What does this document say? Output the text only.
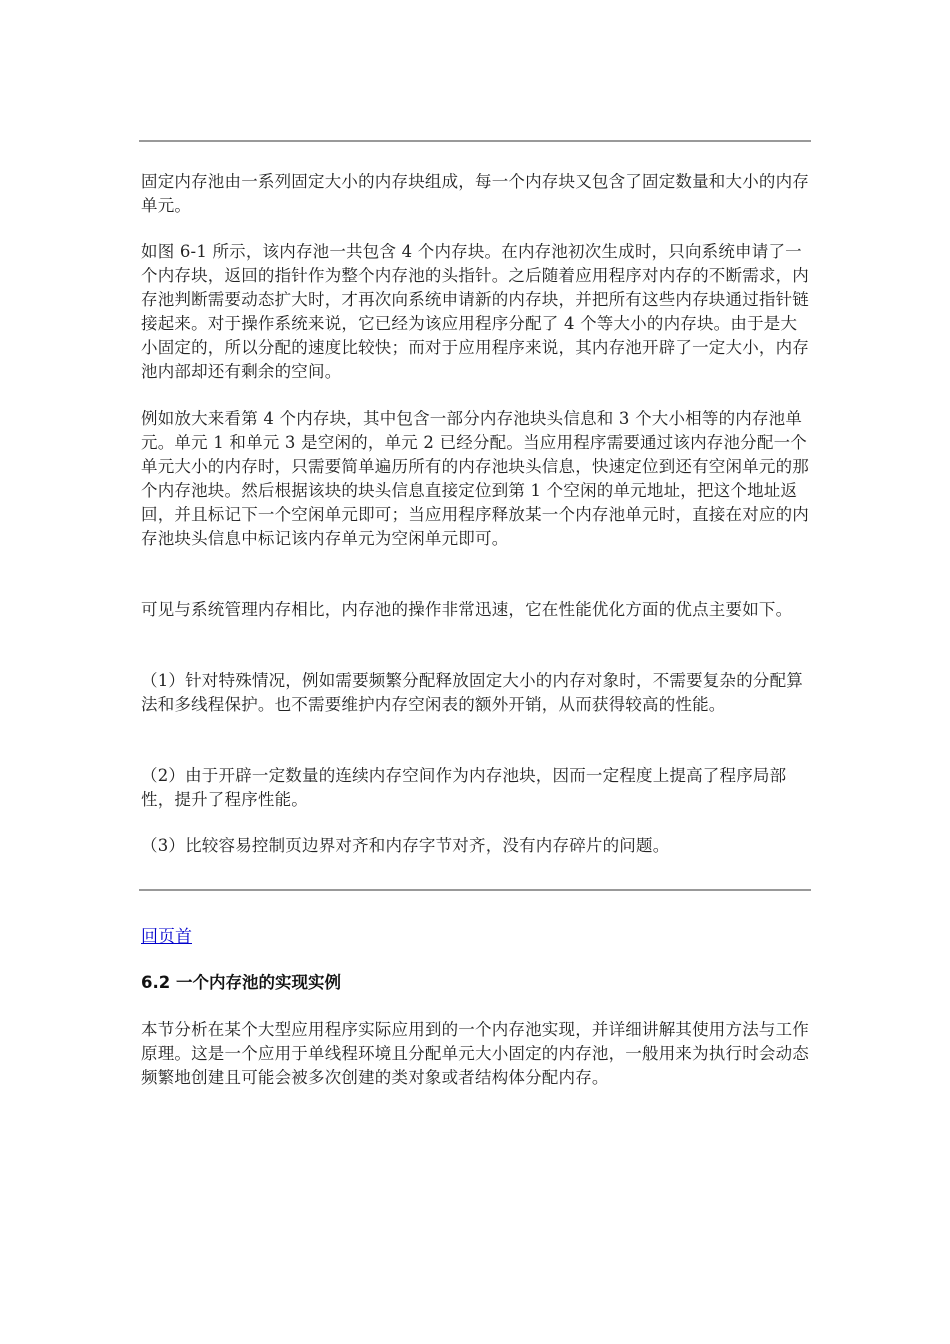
固定内存池由一系列固定大小的内存块组成，每一个内存块又包含了固定数量和大小的内存单元。

如图 6-1 所示，该内存池一共包含 4 个内存块。在内存池初次生成时，只向系统申请了一个内存块，返回的指针作为整个内存池的头指针。之后随着应用程序对内存的不断需求，内存池判断需要动态扩大时，才再次向系统申请新的内存块，并把所有这些内存块通过指针链接起来。对于操作系统来说，它已经为该应用程序分配了 4 个等大小的内存块。由于是大小固定的，所以分配的速度比较快；而对于应用程序来说，其内存池开辟了一定大小，内存池内部却还有剩余的空间。

例如放大来看第 4 个内存块，其中包含一部分内存池块头信息和 3 个大小相等的内存池单元。单元 1 和单元 3 是空闲的，单元 2 已经分配。当应用程序需要通过该内存池分配一个单元大小的内存时，只需要简单遍历所有的内存池块头信息，快速定位到还有空闲单元的那个内存池块。然后根据该块的块头信息直接定位到第 1 个空闲的单元地址，把这个地址返回，并且标记下一个空闲单元即可；当应用程序释放某一个内存池单元时，直接在对应的内存池块头信息中标记该内存单元为空闲单元即可。

可见与系统管理内存相比，内存池的操作非常迅速，它在性能优化方面的优点主要如下。

（1）针对特殊情况，例如需要频繁分配释放固定大小的内存对象时，不需要复杂的分配算法和多线程保护。也不需要维护内存空闲表的额外开销，从而获得较高的性能。

（2）由于开辟一定数量的连续内存空间作为内存池块，因而一定程度上提高了程序局部性，提升了程序性能。

（3）比较容易控制页边界对齐和内存字节对齐，没有内存碎片的问题。

回页首
6.2 一个内存池的实现实例

本节分析在某个大型应用程序实际应用到的一个内存池实现，并详细讲解其使用方法与工作原理。这是一个应用于单线程环境且分配单元大小固定的内存池，一般用来为执行时会动态频繁地创建且可能会被多次创建的类对象或者结构体分配内存。
